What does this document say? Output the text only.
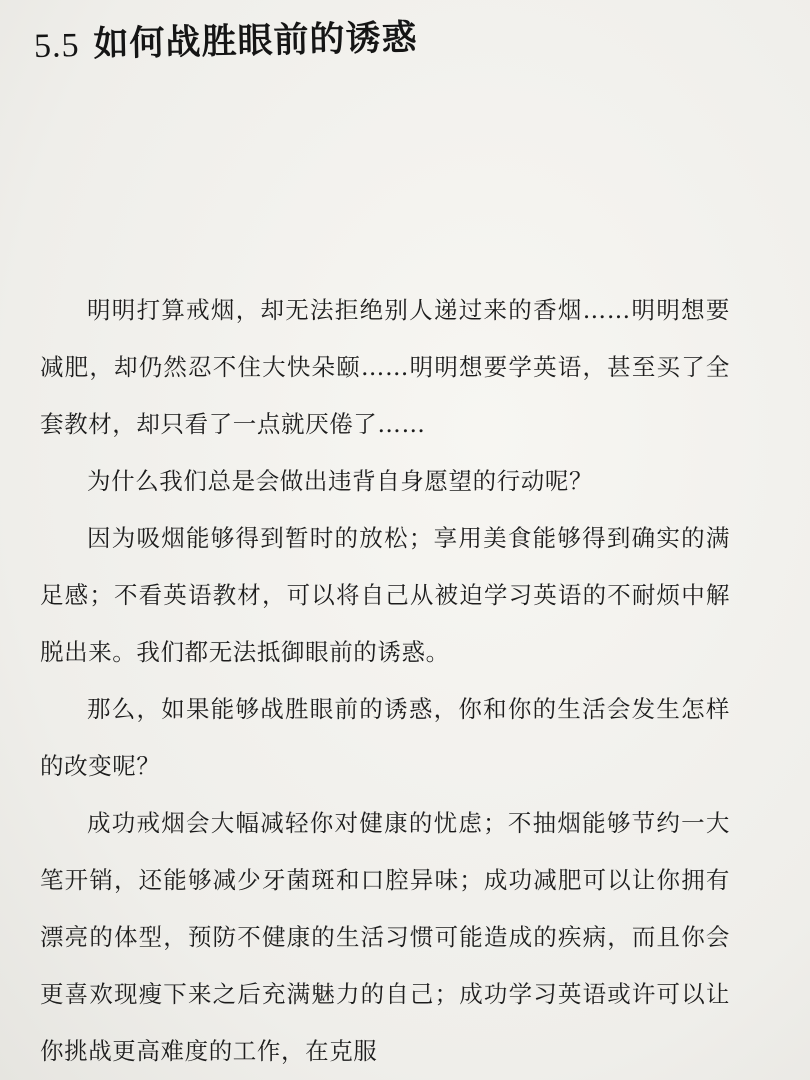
5.5 如何战胜眼前的诱惑

明明打算戒烟，却无法拒绝别人递过来的香烟……明明想要减肥，却仍然忍不住大快朵颐……明明想要学英语，甚至买了全套教材，却只看了一点就厌倦了……

为什么我们总是会做出违背自身愿望的行动呢？

因为吸烟能够得到暂时的放松；享用美食能够得到确实的满足感；不看英语教材，可以将自己从被迫学习英语的不耐烦中解脱出来。我们都无法抵御眼前的诱惑。

那么，如果能够战胜眼前的诱惑，你和你的生活会发生怎样的改变呢？

成功戒烟会大幅减轻你对健康的忧虑；不抽烟能够节约一大笔开销，还能够减少牙菌斑和口腔异味；成功减肥可以让你拥有漂亮的体型，预防不健康的生活习惯可能造成的疾病，而且你会更喜欢现瘦下来之后充满魅力的自己；成功学习英语或许可以让你挑战更高难度的工作，在克服
